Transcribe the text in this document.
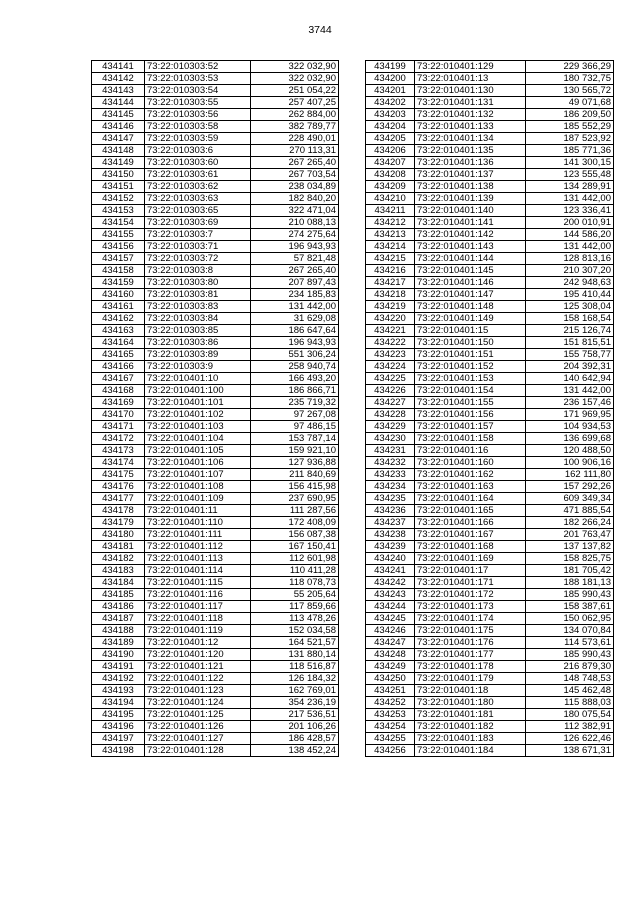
3744
434141	73:22:010303:52	322 032,90
434142	73:22:010303:53	322 032,90
434143	73:22:010303:54	251 054,22
434144	73:22:010303:55	257 407,25
434145	73:22:010303:56	262 884,00
434146	73:22:010303:58	382 789,77
434147	73:22:010303:59	228 490,01
434148	73:22:010303:6	270 113,31
434149	73:22:010303:60	267 265,40
434150	73:22:010303:61	267 703,54
434151	73:22:010303:62	238 034,89
434152	73:22:010303:63	182 840,20
434153	73:22:010303:65	322 471,04
434154	73:22:010303:69	210 088,13
434155	73:22:010303:7	274 275,64
434156	73:22:010303:71	196 943,93
434157	73:22:010303:72	57 821,48
434158	73:22:010303:8	267 265,40
434159	73:22:010303:80	207 897,43
434160	73:22:010303:81	234 185,83
434161	73:22:010303:83	131 442,00
434162	73:22:010303:84	31 629,08
434163	73:22:010303:85	186 647,64
434164	73:22:010303:86	196 943,93
434165	73:22:010303:89	551 306,24
434166	73:22:010303:9	258 940,74
434167	73:22:010401:10	166 493,20
434168	73:22:010401:100	186 866,71
434169	73:22:010401:101	235 719,32
434170	73:22:010401:102	97 267,08
434171	73:22:010401:103	97 486,15
434172	73:22:010401:104	153 787,14
434173	73:22:010401:105	159 921,10
434174	73:22:010401:106	127 936,88
434175	73:22:010401:107	211 840,69
434176	73:22:010401:108	156 415,98
434177	73:22:010401:109	237 690,95
434178	73:22:010401:11	111 287,56
434179	73:22:010401:110	172 408,09
434180	73:22:010401:111	156 087,38
434181	73:22:010401:112	167 150,41
434182	73:22:010401:113	112 601,98
434183	73:22:010401:114	110 411,28
434184	73:22:010401:115	118 078,73
434185	73:22:010401:116	55 205,64
434186	73:22:010401:117	117 859,66
434187	73:22:010401:118	113 478,26
434188	73:22:010401:119	152 034,58
434189	73:22:010401:12	164 521,57
434190	73:22:010401:120	131 880,14
434191	73:22:010401:121	118 516,87
434192	73:22:010401:122	126 184,32
434193	73:22:010401:123	162 769,01
434194	73:22:010401:124	354 236,19
434195	73:22:010401:125	217 536,51
434196	73:22:010401:126	201 106,26
434197	73:22:010401:127	186 428,57
434198	73:22:010401:128	138 452,24
434199	73:22:010401:129	229 366,29
434200	73:22:010401:13	180 732,75
434201	73:22:010401:130	130 565,72
434202	73:22:010401:131	49 071,68
434203	73:22:010401:132	186 209,50
434204	73:22:010401:133	185 552,29
434205	73:22:010401:134	187 523,92
434206	73:22:010401:135	185 771,36
434207	73:22:010401:136	141 300,15
434208	73:22:010401:137	123 555,48
434209	73:22:010401:138	134 289,91
434210	73:22:010401:139	131 442,00
434211	73:22:010401:140	123 336,41
434212	73:22:010401:141	200 010,91
434213	73:22:010401:142	144 586,20
434214	73:22:010401:143	131 442,00
434215	73:22:010401:144	128 813,16
434216	73:22:010401:145	210 307,20
434217	73:22:010401:146	242 948,63
434218	73:22:010401:147	195 410,44
434219	73:22:010401:148	125 308,04
434220	73:22:010401:149	158 168,54
434221	73:22:010401:15	215 126,74
434222	73:22:010401:150	151 815,51
434223	73:22:010401:151	155 758,77
434224	73:22:010401:152	204 392,31
434225	73:22:010401:153	140 642,94
434226	73:22:010401:154	131 442,00
434227	73:22:010401:155	236 157,46
434228	73:22:010401:156	171 969,95
434229	73:22:010401:157	104 934,53
434230	73:22:010401:158	136 699,68
434231	73:22:010401:16	120 488,50
434232	73:22:010401:160	100 906,16
434233	73:22:010401:162	162 111,80
434234	73:22:010401:163	157 292,26
434235	73:22:010401:164	609 349,34
434236	73:22:010401:165	471 885,54
434237	73:22:010401:166	182 266,24
434238	73:22:010401:167	201 763,47
434239	73:22:010401:168	137 137,82
434240	73:22:010401:169	158 825,75
434241	73:22:010401:17	181 705,42
434242	73:22:010401:171	188 181,13
434243	73:22:010401:172	185 990,43
434244	73:22:010401:173	158 387,61
434245	73:22:010401:174	150 062,95
434246	73:22:010401:175	134 070,84
434247	73:22:010401:176	114 573,61
434248	73:22:010401:177	185 990,43
434249	73:22:010401:178	216 879,30
434250	73:22:010401:179	148 748,53
434251	73:22:010401:18	145 462,48
434252	73:22:010401:180	115 888,03
434253	73:22:010401:181	180 075,54
434254	73:22:010401:182	112 382,91
434255	73:22:010401:183	126 622,46
434256	73:22:010401:184	138 671,31
